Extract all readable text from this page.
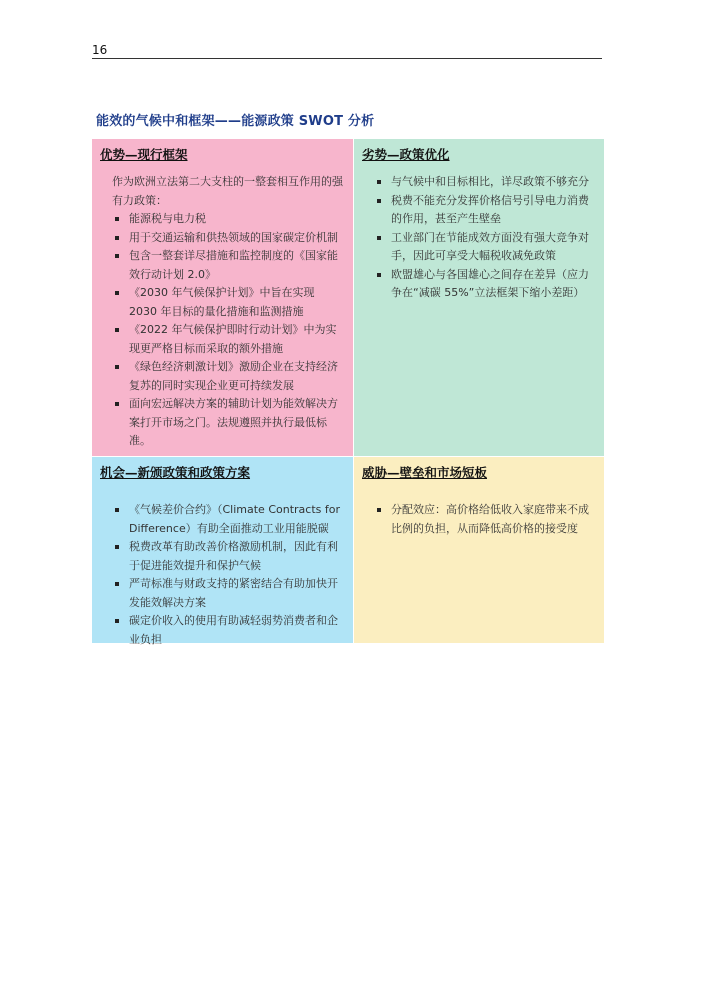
16
能效的气候中和框架——能源政策 SWOT 分析
优势—现行框架

作为欧洲立法第二大支柱的一整套相互作用的强有力政策：

能源税与电力税
用于交通运输和供热领域的国家碳定价机制
包含一整套详尽措施和监控制度的《国家能效行动计划 2.0》
《2030 年气候保护计划》中旨在实现 2030 年目标的量化措施和监测措施
《2022 年气候保护即时行动计划》中为实现更严格目标而采取的额外措施
《绿色经济刺激计划》激励企业在支持经济复苏的同时实现企业更可持续发展
面向宏远解决方案的辅助计划为能效解决方案打开市场之门。法规遵照并执行最低标准。
劣势—政策优化
与气候中和目标相比，详尽政策不够充分
税费不能充分发挥价格信号引导电力消费的作用，甚至产生壁垒
工业部门在节能成效方面没有强大竞争对手，因此可享受大幅税收减免政策
欧盟雄心与各国雄心之间存在差异（应力争在“减碳 55%”立法框架下缩小差距）
机会—新颁政策和政策方案
《气候差价合约》（Climate Contracts for Difference）有助全面推动工业用能脱碳
税费改革有助改善价格激励机制，因此有利于促进能效提升和保护气候
严苛标准与财政支持的紧密结合有助加快开发能效解决方案
碳定价收入的使用有助减轻弱势消费者和企业负担
威胁—壁垒和市场短板
分配效应：高价格给低收入家庭带来不成比例的负担，从而降低高价格的接受度
